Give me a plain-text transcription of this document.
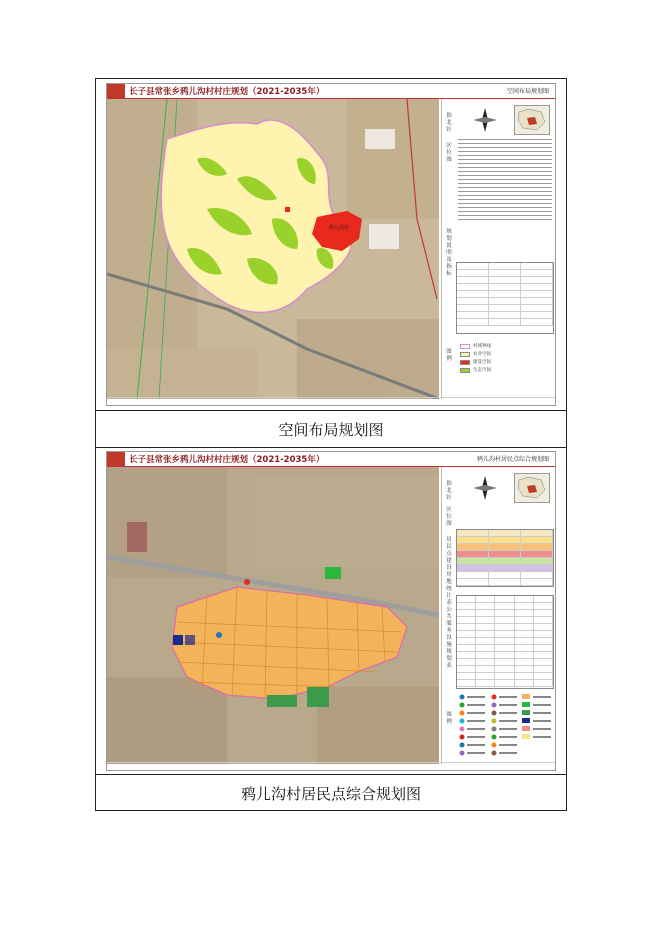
长子县常张乡鸦儿沟村村庄规划（2021-2035年）	空间布局规划图
鸦儿沟村
指北针
区位图
规划说明及指标
图例
村域界线
农业空间
建设空间
生态空间
空间布局规划图
长子县常张乡鸦儿沟村村庄规划（2021-2035年）	鸦儿沟村居民点综合规划图
指北针
区位图
居民点建设用地统计表
公共服务设施规划表
图例
鸦儿沟村居民点综合规划图
